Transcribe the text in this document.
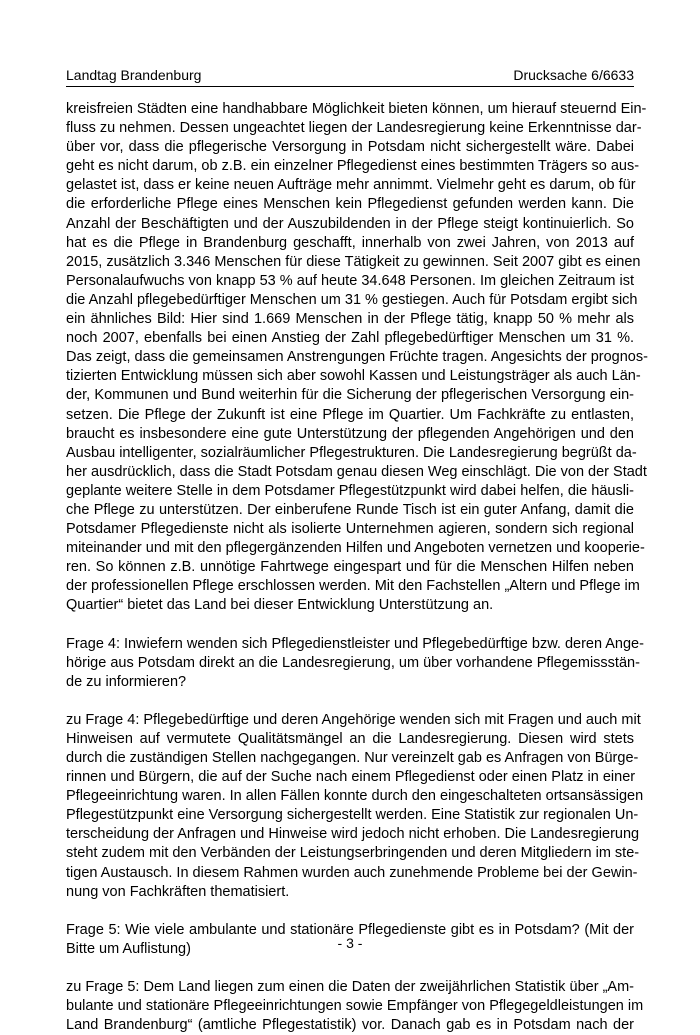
Landtag Brandenburg	Drucksache 6/6633
kreisfreien Städten eine handhabbare Möglichkeit bieten können, um hierauf steuernd Ein-
fluss zu nehmen. Dessen ungeachtet liegen der Landesregierung keine Erkenntnisse dar-
über vor, dass die pflegerische Versorgung in Potsdam nicht sichergestellt wäre. Dabei
geht es nicht darum, ob z.B. ein einzelner Pflegedienst eines bestimmten Trägers so aus-
gelastet ist, dass er keine neuen Aufträge mehr annimmt. Vielmehr geht es darum, ob für
die erforderliche Pflege eines Menschen kein Pflegedienst gefunden werden kann. Die
Anzahl der Beschäftigten und der Auszubildenden in der Pflege steigt kontinuierlich. So
hat es die Pflege in Brandenburg geschafft, innerhalb von zwei Jahren, von 2013 auf
2015, zusätzlich 3.346 Menschen für diese Tätigkeit zu gewinnen. Seit 2007 gibt es einen
Personalaufwuchs von knapp 53 % auf heute 34.648 Personen. Im gleichen Zeitraum ist
die Anzahl pflegebedürftiger Menschen um 31 % gestiegen. Auch für Potsdam ergibt sich
ein ähnliches Bild: Hier sind 1.669 Menschen in der Pflege tätig, knapp 50 % mehr als
noch 2007, ebenfalls bei einen Anstieg der Zahl pflegebedürftiger Menschen um 31 %.
Das zeigt, dass die gemeinsamen Anstrengungen Früchte tragen. Angesichts der prognos-
tizierten Entwicklung müssen sich aber sowohl Kassen und Leistungsträger als auch Län-
der, Kommunen und Bund weiterhin für die Sicherung der pflegerischen Versorgung ein-
setzen. Die Pflege der Zukunft ist eine Pflege im Quartier. Um Fachkräfte zu entlasten,
braucht es insbesondere eine gute Unterstützung der pflegenden Angehörigen und den
Ausbau intelligenter, sozialräumlicher Pflegestrukturen. Die Landesregierung begrüßt da-
her ausdrücklich, dass die Stadt Potsdam genau diesen Weg einschlägt. Die von der Stadt
geplante weitere Stelle in dem Potsdamer Pflegestützpunkt wird dabei helfen, die häusli-
che Pflege zu unterstützen. Der einberufene Runde Tisch ist ein guter Anfang, damit die
Potsdamer Pflegedienste nicht als isolierte Unternehmen agieren, sondern sich regional
miteinander und mit den pflegergänzenden Hilfen und Angeboten vernetzen und kooperie-
ren. So können z.B. unnötige Fahrtwege eingespart und für die Menschen Hilfen neben
der professionellen Pflege erschlossen werden. Mit den Fachstellen „Altern und Pflege im
Quartier“ bietet das Land bei dieser Entwicklung Unterstützung an.
Frage 4: Inwiefern wenden sich Pflegedienstleister und Pflegebedürftige bzw. deren Ange-
hörige aus Potsdam direkt an die Landesregierung, um über vorhandene Pflegemissstän-
de zu informieren?
zu Frage 4: Pflegebedürftige und deren Angehörige wenden sich mit Fragen und auch mit
Hinweisen auf vermutete Qualitätsmängel an die Landesregierung. Diesen wird stets
durch die zuständigen Stellen nachgegangen. Nur vereinzelt gab es Anfragen von Bürge-
rinnen und Bürgern, die auf der Suche nach einem Pflegedienst oder einen Platz in einer
Pflegeeinrichtung waren. In allen Fällen konnte durch den eingeschalteten ortsansässigen
Pflegestützpunkt eine Versorgung sichergestellt werden. Eine Statistik zur regionalen Un-
terscheidung der Anfragen und Hinweise wird jedoch nicht erhoben. Die Landesregierung
steht zudem mit den Verbänden der Leistungserbringenden und deren Mitgliedern im ste-
tigen Austausch. In diesem Rahmen wurden auch zunehmende Probleme bei der Gewin-
nung von Fachkräften thematisiert.
Frage 5: Wie viele ambulante und stationäre Pflegedienste gibt es in Potsdam? (Mit der
Bitte um Auflistung)
zu Frage 5: Dem Land liegen zum einen die Daten der zweijährlichen Statistik über „Am-
bulante und stationäre Pflegeeinrichtungen sowie Empfänger von Pflegegeldleistungen im
Land Brandenburg“ (amtliche Pflegestatistik) vor. Danach gab es in Potsdam nach der
- 3 -
